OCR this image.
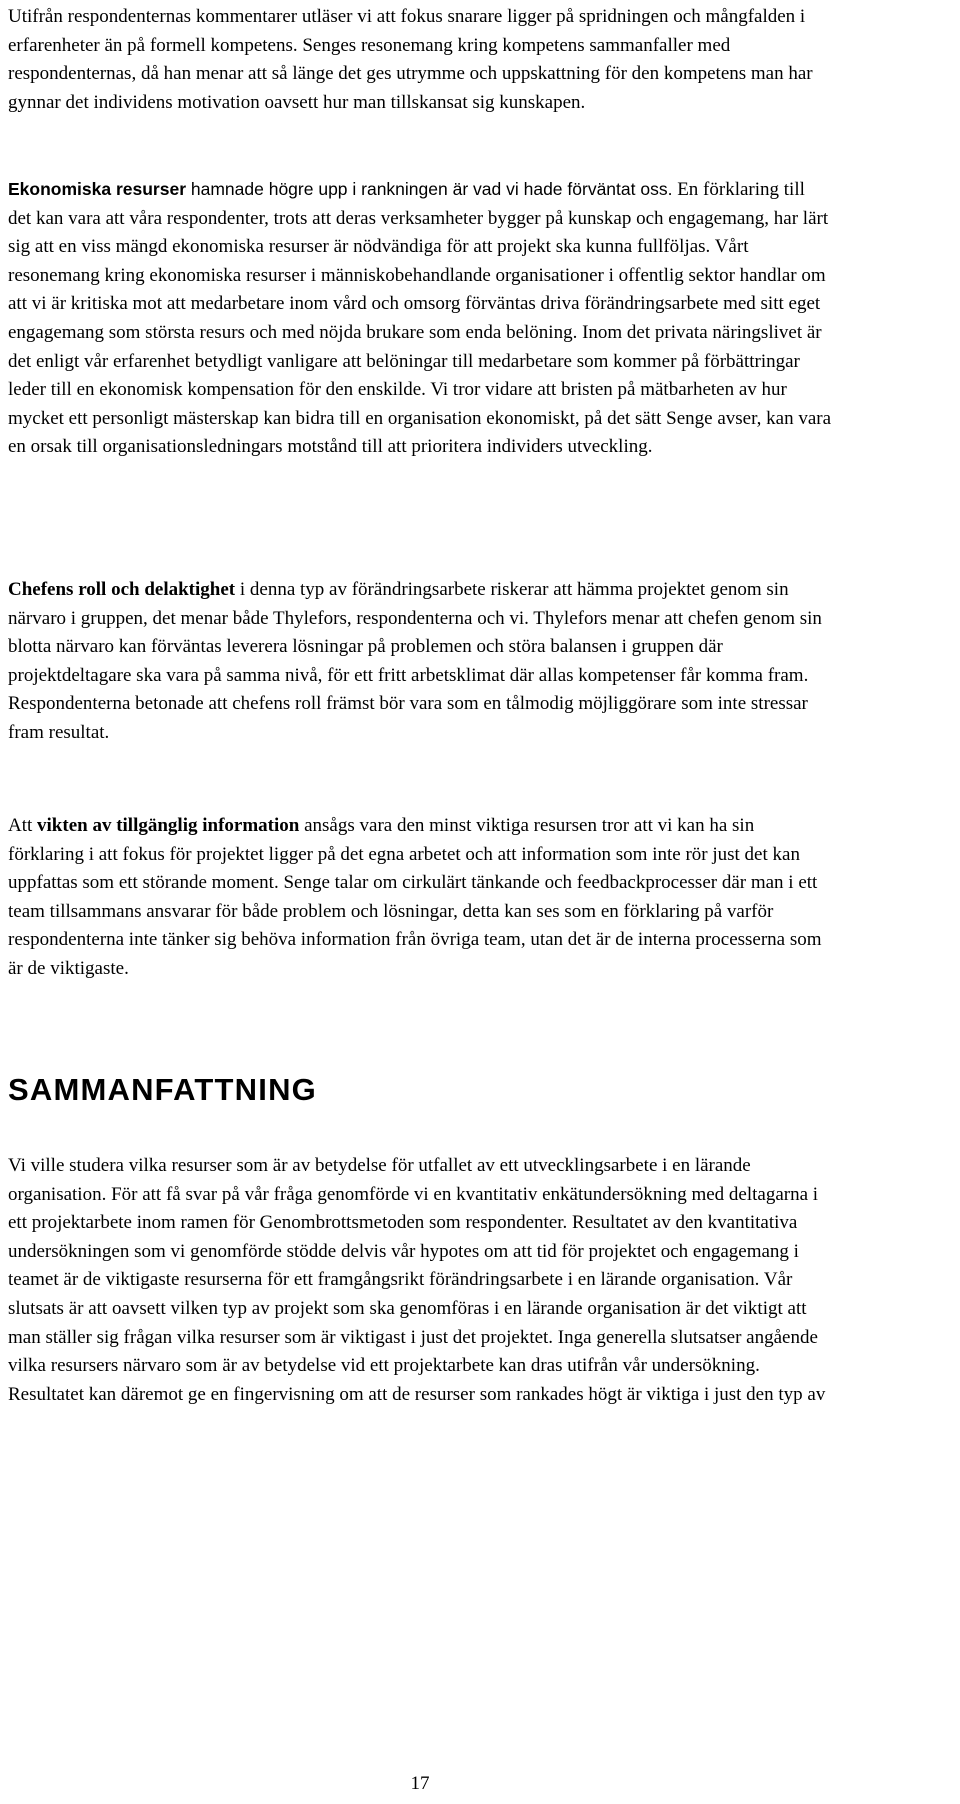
Utifrån respondenternas kommentarer utläser vi att fokus snarare ligger på spridningen och mångfalden i erfarenheter än på formell kompetens. Senges resonemang kring kompetens sammanfaller med respondenternas, då han menar att så länge det ges utrymme och uppskattning för den kompetens man har gynnar det individens motivation oavsett hur man tillskansat sig kunskapen.

Ekonomiska resurser hamnade högre upp i rankningen är vad vi hade förväntat oss. En förklaring till det kan vara att våra respondenter, trots att deras verksamheter bygger på kunskap och engagemang, har lärt sig att en viss mängd ekonomiska resurser är nödvändiga för att projekt ska kunna fullföljas. Vårt resonemang kring ekonomiska resurser i människobehandlande organisationer i offentlig sektor handlar om att vi är kritiska mot att medarbetare inom vård och omsorg förväntas driva förändringsarbete med sitt eget engagemang som största resurs och med nöjda brukare som enda belöning. Inom det privata näringslivet är det enligt vår erfarenhet betydligt vanligare att belöningar till medarbetare som kommer på förbättringar leder till en ekonomisk kompensation för den enskilde. Vi tror vidare att bristen på mätbarheten av hur mycket ett personligt mästerskap kan bidra till en organisation ekonomiskt, på det sätt Senge avser, kan vara en orsak till organisationsledningars motstånd till att prioritera individers utveckling.

Chefens roll och delaktighet i denna typ av förändringsarbete riskerar att hämma projektet genom sin närvaro i gruppen, det menar både Thylefors, respondenterna och vi. Thylefors menar att chefen genom sin blotta närvaro kan förväntas leverera lösningar på problemen och störa balansen i gruppen där projektdeltagare ska vara på samma nivå, för ett fritt arbetsklimat där allas kompetenser får komma fram. Respondenterna betonade att chefens roll främst bör vara som en tålmodig möjliggörare som inte stressar fram resultat.

Att vikten av tillgänglig information ansågs vara den minst viktiga resursen tror att vi kan ha sin förklaring i att fokus för projektet ligger på det egna arbetet och att information som inte rör just det kan uppfattas som ett störande moment. Senge talar om cirkulärt tänkande och feedbackprocesser där man i ett team tillsammans ansvarar för både problem och lösningar, detta kan ses som en förklaring på varför respondenterna inte tänker sig behöva information från övriga team, utan det är de interna processerna som är de viktigaste.

SAMMANFATTNING

Vi ville studera vilka resurser som är av betydelse för utfallet av ett utvecklingsarbete i en lärande organisation. För att få svar på vår fråga genomförde vi en kvantitativ enkätundersökning med deltagarna i ett projektarbete inom ramen för Genombrottsmetoden som respondenter. Resultatet av den kvantitativa undersökningen som vi genomförde stödde delvis vår hypotes om att tid för projektet och engagemang i teamet är de viktigaste resurserna för ett framgångsrikt förändringsarbete i en lärande organisation. Vår slutsats är att oavsett vilken typ av projekt som ska genomföras i en lärande organisation är det viktigt att man ställer sig frågan vilka resurser som är viktigast i just det projektet. Inga generella slutsatser angående vilka resursers närvaro som är av betydelse vid ett projektarbete kan dras utifrån vår undersökning. Resultatet kan däremot ge en fingervisning om att de resurser som rankades högt är viktiga i just den typ av

17
